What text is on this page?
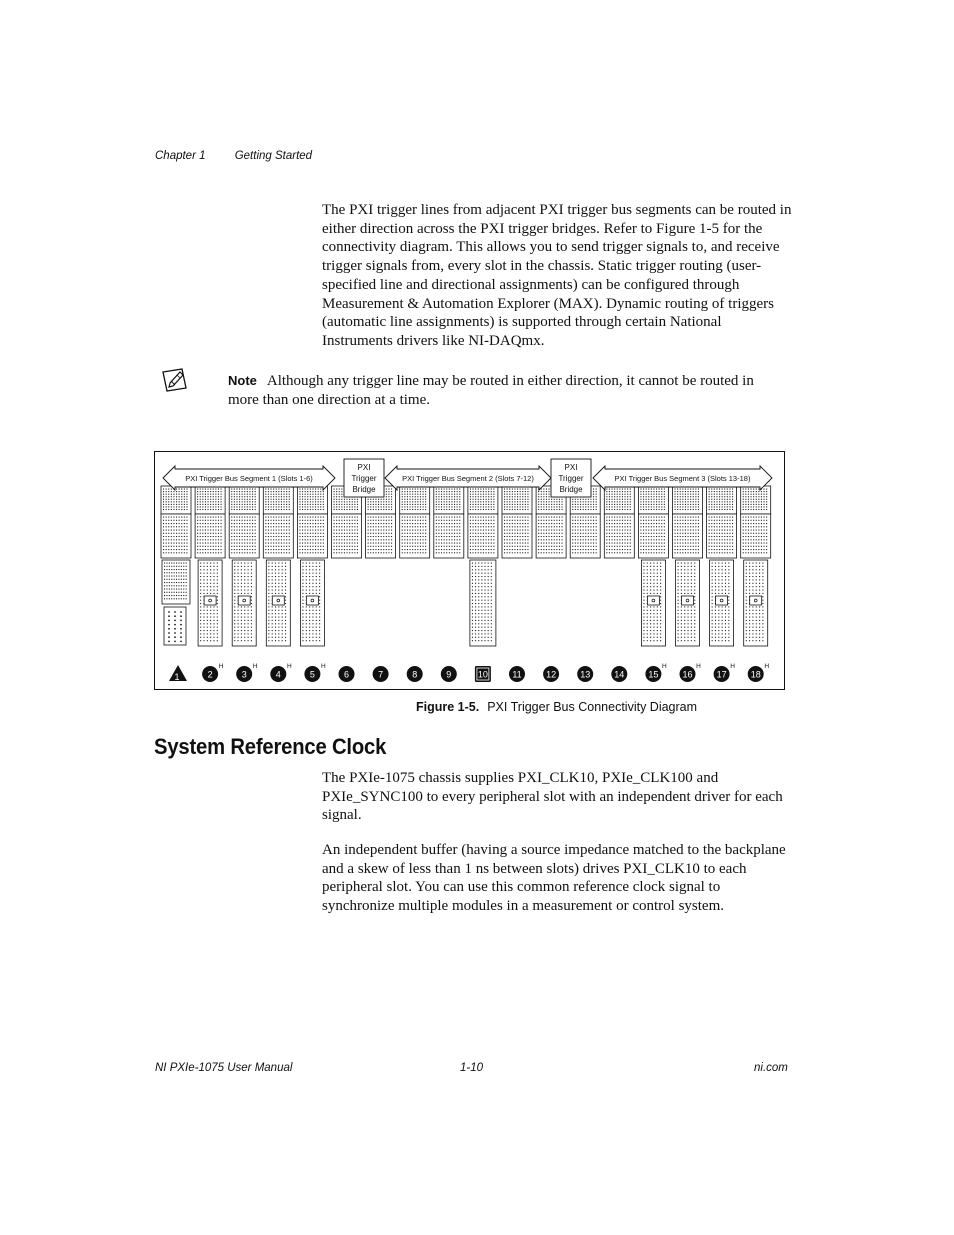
Chapter 1	Getting Started

The PXI trigger lines from adjacent PXI trigger bus segments can be routed in either direction across the PXI trigger bridges. Refer to Figure 1-5 for the connectivity diagram. This allows you to send trigger signals to, and receive trigger signals from, every slot in the chassis. Static trigger routing (user-specified line and directional assignments) can be configured through Measurement & Automation Explorer (MAX). Dynamic routing of triggers (automatic line assignments) is supported through certain National Instruments drivers like NI-DAQmx.

Note Although any trigger line may be routed in either direction, it cannot be routed in more than one direction at a time.
PXI Trigger Bus Segment 1 (Slots 1-6)	PXI Trigger Bus Segment 2 (Slots 7-12)	PXI Trigger Bus Segment 3 (Slots 13-18)
PXI
Trigger
Bridge
PXI
Trigger
Bridge
1	2
H
3
H
4
H
5
H
6	7	8	9	10	11	12	13	14	15
H
16
H
17
H
18
H
Figure 1-5. PXI Trigger Bus Connectivity Diagram
System Reference Clock

The PXIe-1075 chassis supplies PXI_CLK10, PXIe_CLK100 and PXIe_SYNC100 to every peripheral slot with an independent driver for each signal.

An independent buffer (having a source impedance matched to the backplane and a skew of less than 1 ns between slots) drives PXI_CLK10 to each peripheral slot. You can use this common reference clock signal to synchronize multiple modules in a measurement or control system.

NI PXIe-1075 User Manual	1-10	ni.com
